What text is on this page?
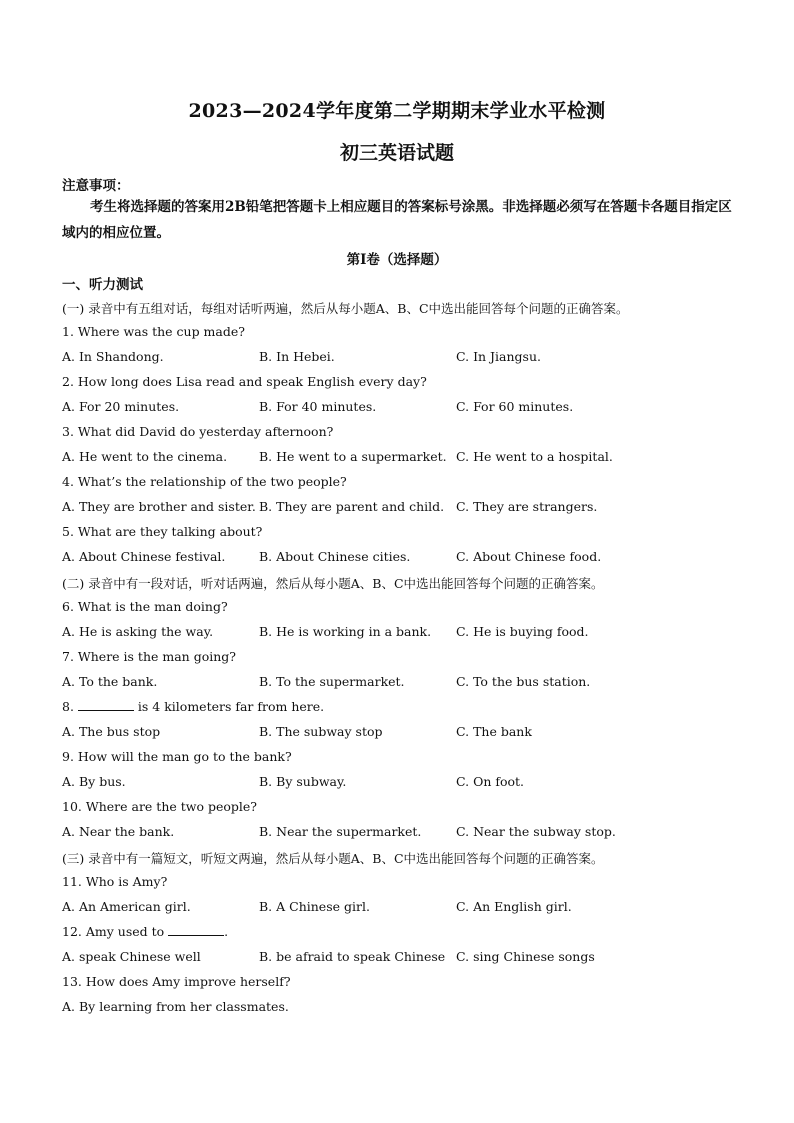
2023—2024学年度第二学期期末学业水平检测
初三英语试题
注意事项：
考生将选择题的答案用2B铅笔把答题卡上相应题目的答案标号涂黑。非选择题必须写在答题卡各题目指定区域内的相应位置。
第Ⅰ卷（选择题）
一、听力测试
(一) 录音中有五组对话，每组对话听两遍，然后从每小题A、B、C中选出能回答每个问题的正确答案。
1. Where was the cup made?
A. In Shandong.	B. In Hebei.	C. In Jiangsu.
2. How long does Lisa read and speak English every day?
A. For 20 minutes.	B. For 40 minutes.	C. For 60 minutes.
3. What did David do yesterday afternoon?
A. He went to the cinema.	B. He went to a supermarket. C. He went to a hospital.
4. What’s the relationship of the two people?
A. They are brother and sister. B. They are parent and child. C. They are strangers.
5. What are they talking about?
A. About Chinese festival.	B. About Chinese cities.	C. About Chinese food.
(二) 录音中有一段对话，听对话两遍，然后从每小题A、B、C中选出能回答每个问题的正确答案。
6. What is the man doing?
A. He is asking the way.	B. He is working in a bank. C. He is buying food.
7. Where is the man going?
A. To the bank.	B. To the supermarket.	C. To the bus station.
8.	is 4 kilometers far from here.
A. The bus stop	B. The subway stop	C. The bank
9. How will the man go to the bank?
A. By bus.	B. By subway.	C. On foot.
10. Where are the two people?
A. Near the bank.	B. Near the supermarket.	C. Near the subway stop.
(三) 录音中有一篇短文，听短文两遍，然后从每小题A、B、C中选出能回答每个问题的正确答案。
11. Who is Amy?
A. An American girl.	B. A Chinese girl.	C. An English girl.
12. Amy used to	.
A. speak Chinese well	B. be afraid to speak Chinese C. sing Chinese songs
13. How does Amy improve herself?
A. By learning from her classmates.
